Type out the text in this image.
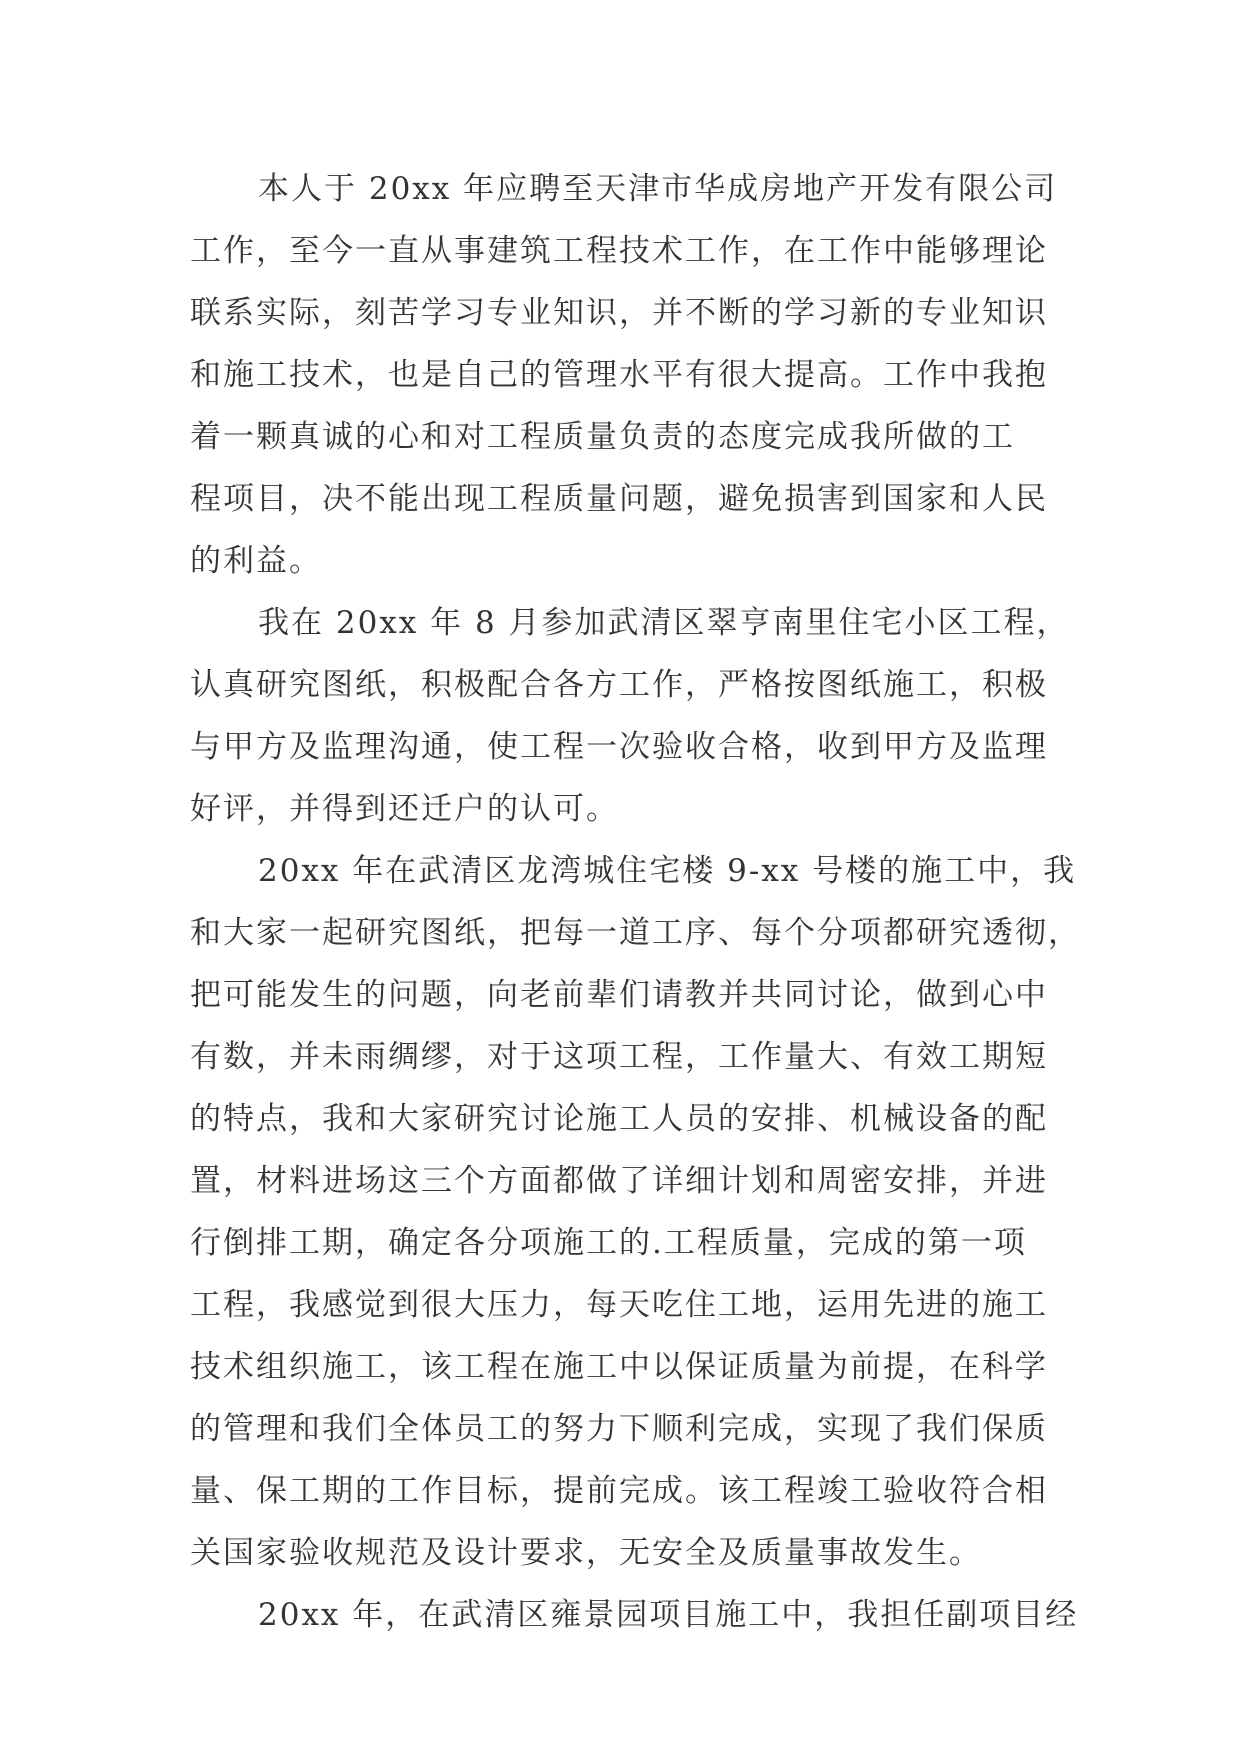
本人于 20xx 年应聘至天津市华成房地产开发有限公司
工作，至今一直从事建筑工程技术工作，在工作中能够理论
联系实际，刻苦学习专业知识，并不断的学习新的专业知识
和施工技术，也是自己的管理水平有很大提高。工作中我抱
着一颗真诚的心和对工程质量负责的态度完成我所做的工
程项目，决不能出现工程质量问题，避免损害到国家和人民
的利益。
我在 20xx 年 8 月参加武清区翠亨南里住宅小区工程，
认真研究图纸，积极配合各方工作，严格按图纸施工，积极
与甲方及监理沟通，使工程一次验收合格，收到甲方及监理
好评，并得到还迁户的认可。
20xx 年在武清区龙湾城住宅楼 9-xx 号楼的施工中，我
和大家一起研究图纸，把每一道工序、每个分项都研究透彻，
把可能发生的问题，向老前辈们请教并共同讨论，做到心中
有数，并未雨绸缪，对于这项工程，工作量大、有效工期短
的特点，我和大家研究讨论施工人员的安排、机械设备的配
置，材料进场这三个方面都做了详细计划和周密安排，并进
行倒排工期，确定各分项施工的.工程质量，完成的第一项
工程，我感觉到很大压力，每天吃住工地，运用先进的施工
技术组织施工，该工程在施工中以保证质量为前提，在科学
的管理和我们全体员工的努力下顺利完成，实现了我们保质
量、保工期的工作目标，提前完成。该工程竣工验收符合相
关国家验收规范及设计要求，无安全及质量事故发生。
20xx 年，在武清区雍景园项目施工中，我担任副项目经
